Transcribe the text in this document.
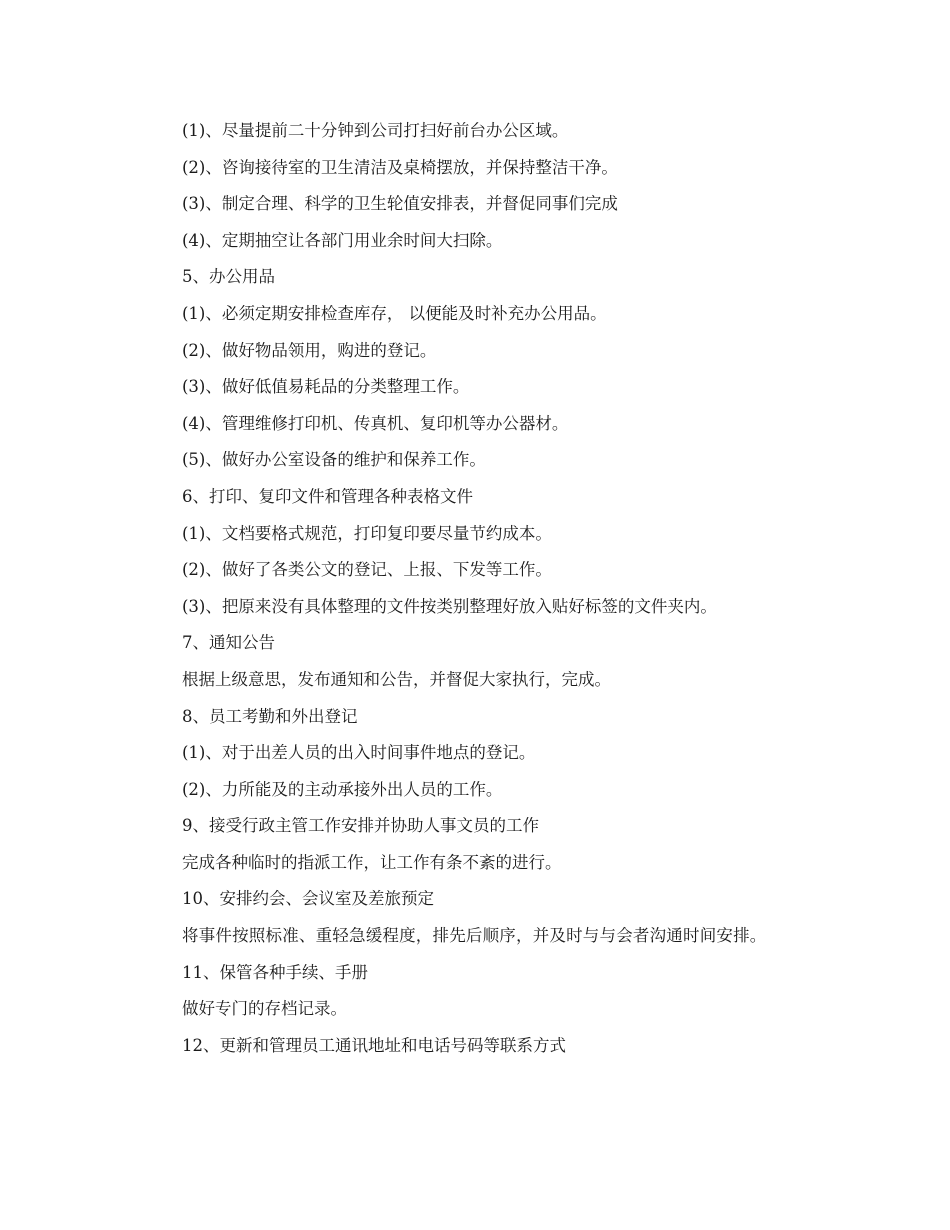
(1)、尽量提前二十分钟到公司打扫好前台办公区域。

(2)、咨询接待室的卫生清洁及桌椅摆放，并保持整洁干净。

(3)、制定合理、科学的卫生轮值安排表，并督促同事们完成

(4)、定期抽空让各部门用业余时间大扫除。

5、办公用品

(1)、必须定期安排检查库存， 以便能及时补充办公用品。

(2)、做好物品领用，购进的登记。

(3)、做好低值易耗品的分类整理工作。

(4)、管理维修打印机、传真机、复印机等办公器材。

(5)、做好办公室设备的维护和保养工作。

6、打印、复印文件和管理各种表格文件

(1)、文档要格式规范，打印复印要尽量节约成本。

(2)、做好了各类公文的登记、上报、下发等工作。

(3)、把原来没有具体整理的文件按类别整理好放入贴好标签的文件夹内。

7、通知公告

根据上级意思，发布通知和公告，并督促大家执行，完成。

8、员工考勤和外出登记

(1)、对于出差人员的出入时间事件地点的登记。

(2)、力所能及的主动承接外出人员的工作。

9、接受行政主管工作安排并协助人事文员的工作

完成各种临时的指派工作，让工作有条不紊的进行。

10、安排约会、会议室及差旅预定

将事件按照标准、重轻急缓程度，排先后顺序，并及时与与会者沟通时间安排。

11、保管各种手续、手册

做好专门的存档记录。

12、更新和管理员工通讯地址和电话号码等联系方式
